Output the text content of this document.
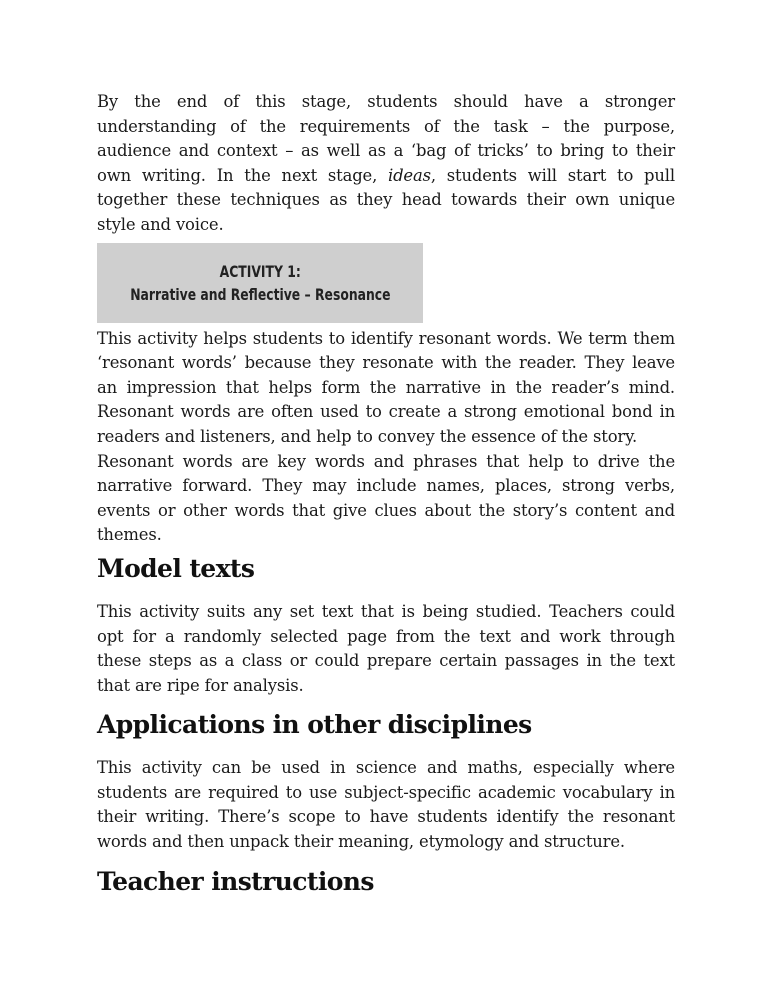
By the end of this stage, students should have a stronger understanding of the requirements of the task – the purpose, audience and context – as well as a ‘bag of tricks’ to bring to their own writing. In the next stage, ideas, students will start to pull together these techniques as they head towards their own unique style and voice.

ACTIVITY 1:
Narrative and Reflective – Resonance

This activity helps students to identify resonant words. We term them ‘resonant words’ because they resonate with the reader. They leave an impression that helps form the narrative in the reader’s mind. Resonant words are often used to create a strong emotional bond in readers and listeners, and help to convey the essence of the story.

Resonant words are key words and phrases that help to drive the narrative forward. They may include names, places, strong verbs, events or other words that give clues about the story’s content and themes.

Model texts

This activity suits any set text that is being studied. Teachers could opt for a randomly selected page from the text and work through these steps as a class or could prepare certain passages in the text that are ripe for analysis.

Applications in other disciplines

This activity can be used in science and maths, especially where students are required to use subject-specific academic vocabulary in their writing. There’s scope to have students identify the resonant words and then unpack their meaning, etymology and structure.

Teacher instructions
